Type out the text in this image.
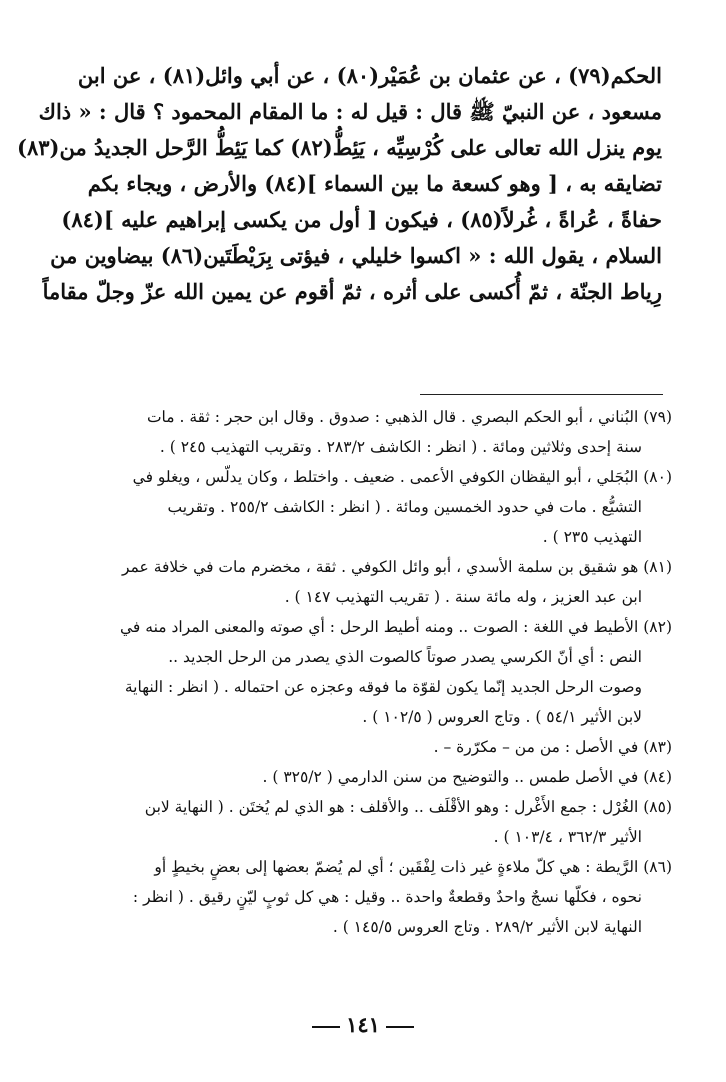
الحكم(٧٩) ، عن عثمان بن عُمَيْر(٨٠) ، عن أبي وائل(٨١) ، عن ابن
مسعود ، عن النبيّ ﷺ قال : قيل له : ما المقام المحمود ؟ قال : « ذاك
يوم ينزل الله تعالى على كُرْسِيِّه ، يَئِطُّ(٨٢) كما يَئِطُّ الرَّحل الجديدُ من(٨٣)
تضايقه به ، [ وهو كسعة ما بين السماء ](٨٤) والأرض ، ويجاء بكم
حفاةً ، عُراةً ، غُرلاً(٨٥) ، فيكون [ أول من يكسى إبراهيم عليه ](٨٤)
السلام ، يقول الله : « اكسوا خليلي ، فيؤتى بِرَيْطَتَين(٨٦) بيضاوين من
رِياط الجنّة ، ثمّ أُكسى على أثره ، ثمّ أقوم عن يمين الله عزّ وجلّ مقاماً
(٧٩) البُناني ، أبو الحكم البصري . قال الذهبي : صدوق . وقال ابن حجر : ثقة . مات
سنة إحدى وثلاثين ومائة . ( انظر : الكاشف ٢٨٣/٢ . وتقريب التهذيب ٢٤٥ ) .
(٨٠) البُجَلي ، أبو اليقظان الكوفي الأعمى . ضعيف . واختلط ، وكان يدلّس ، ويغلو في
التشيُّع . مات في حدود الخمسين ومائة . ( انظر : الكاشف ٢٥٥/٢ . وتقريب
التهذيب ٢٣٥ ) .
(٨١) هو شقيق بن سلمة الأسدي ، أبو وائل الكوفي . ثقة ، مخضرم مات في خلافة عمر
ابن عبد العزيز ، وله مائة سنة . ( تقريب التهذيب ١٤٧ ) .
(٨٢) الأطيط في اللغة : الصوت .. ومنه أطيط الرحل : أي صوته والمعنى المراد منه في
النص : أي أنّ الكرسي يصدر صوتاً كالصوت الذي يصدر من الرحل الجديد ..
وصوت الرحل الجديد إنّما يكون لقوّة ما فوقه وعجزه عن احتماله . ( انظر : النهاية
لابن الأثير ٥٤/١ ) . وتاج العروس ( ١٠٢/٥ ) .
(٨٣) في الأصل : من من – مكرّرة – .
(٨٤) في الأصل طمس .. والتوضيح من سنن الدارمي ( ٣٢٥/٢ ) .
(٨٥) الغُرْل : جمع الأَغْرل : وهو الأقْلَف .. والأقلف : هو الذي لم يُختَن . ( النهاية لابن
الأثير ٣٦٢/٣ ، ١٠٣/٤ ) .
(٨٦) الرَّيطة : هي كلّ ملاءةٍ غير ذات لِفْقَين ؛ أي لم يُضمّ بعضها إلى بعضٍ بخيطٍ أو
نحوه ، فكلّها نسجٌ واحدٌ وقطعةٌ واحدة .. وقيل : هي كل ثوبٍ ليّنٍ رقيق . ( انظر :
النهاية لابن الأثير ٢٨٩/٢ . وتاج العروس ١٤٥/٥ ) .
١٤١
